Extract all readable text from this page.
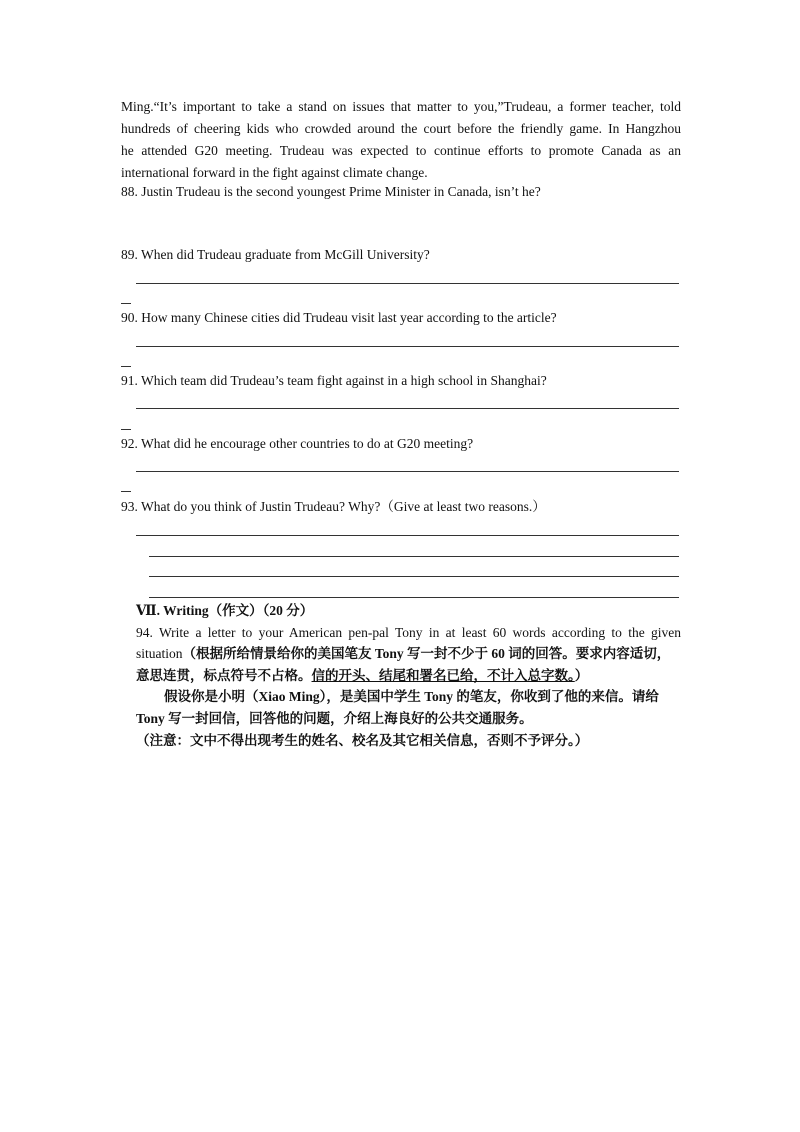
Ming.“It’s important to take a stand on issues that matter to you,”Trudeau, a former teacher, told
hundreds of cheering kids who crowded around the court before the friendly game. In Hangzhou
he attended G20 meeting. Trudeau was expected to continue efforts to promote Canada as an
international forward in the fight against climate change.
88. Justin Trudeau is the second youngest Prime Minister in Canada, isn’t he?
89. When did Trudeau graduate from McGill University?
90. How many Chinese cities did Trudeau visit last year according to the article?
91. Which team did Trudeau’s team fight against in a high school in Shanghai?
92. What did he encourage other countries to do at G20 meeting?
93. What do you think of Justin Trudeau? Why?（Give at least two reasons.）
Ⅶ. Writing（作文）（20 分）
94. Write a letter to your American pen-pal Tony in at least 60 words according to the given
situation（根据所给情景给你的美国笔友 Tony 写一封不少于 60 词的回答。要求内容适切，
意思连贯，标点符号不占格。信的开头、结尾和署名已给，不计入总字数。）
假设你是小明（Xiao Ming），是美国中学生 Tony 的笔友，你收到了他的来信。请给
Tony 写一封回信，回答他的问题，介绍上海良好的公共交通服务。
（注意：文中不得出现考生的姓名、校名及其它相关信息，否则不予评分。）
